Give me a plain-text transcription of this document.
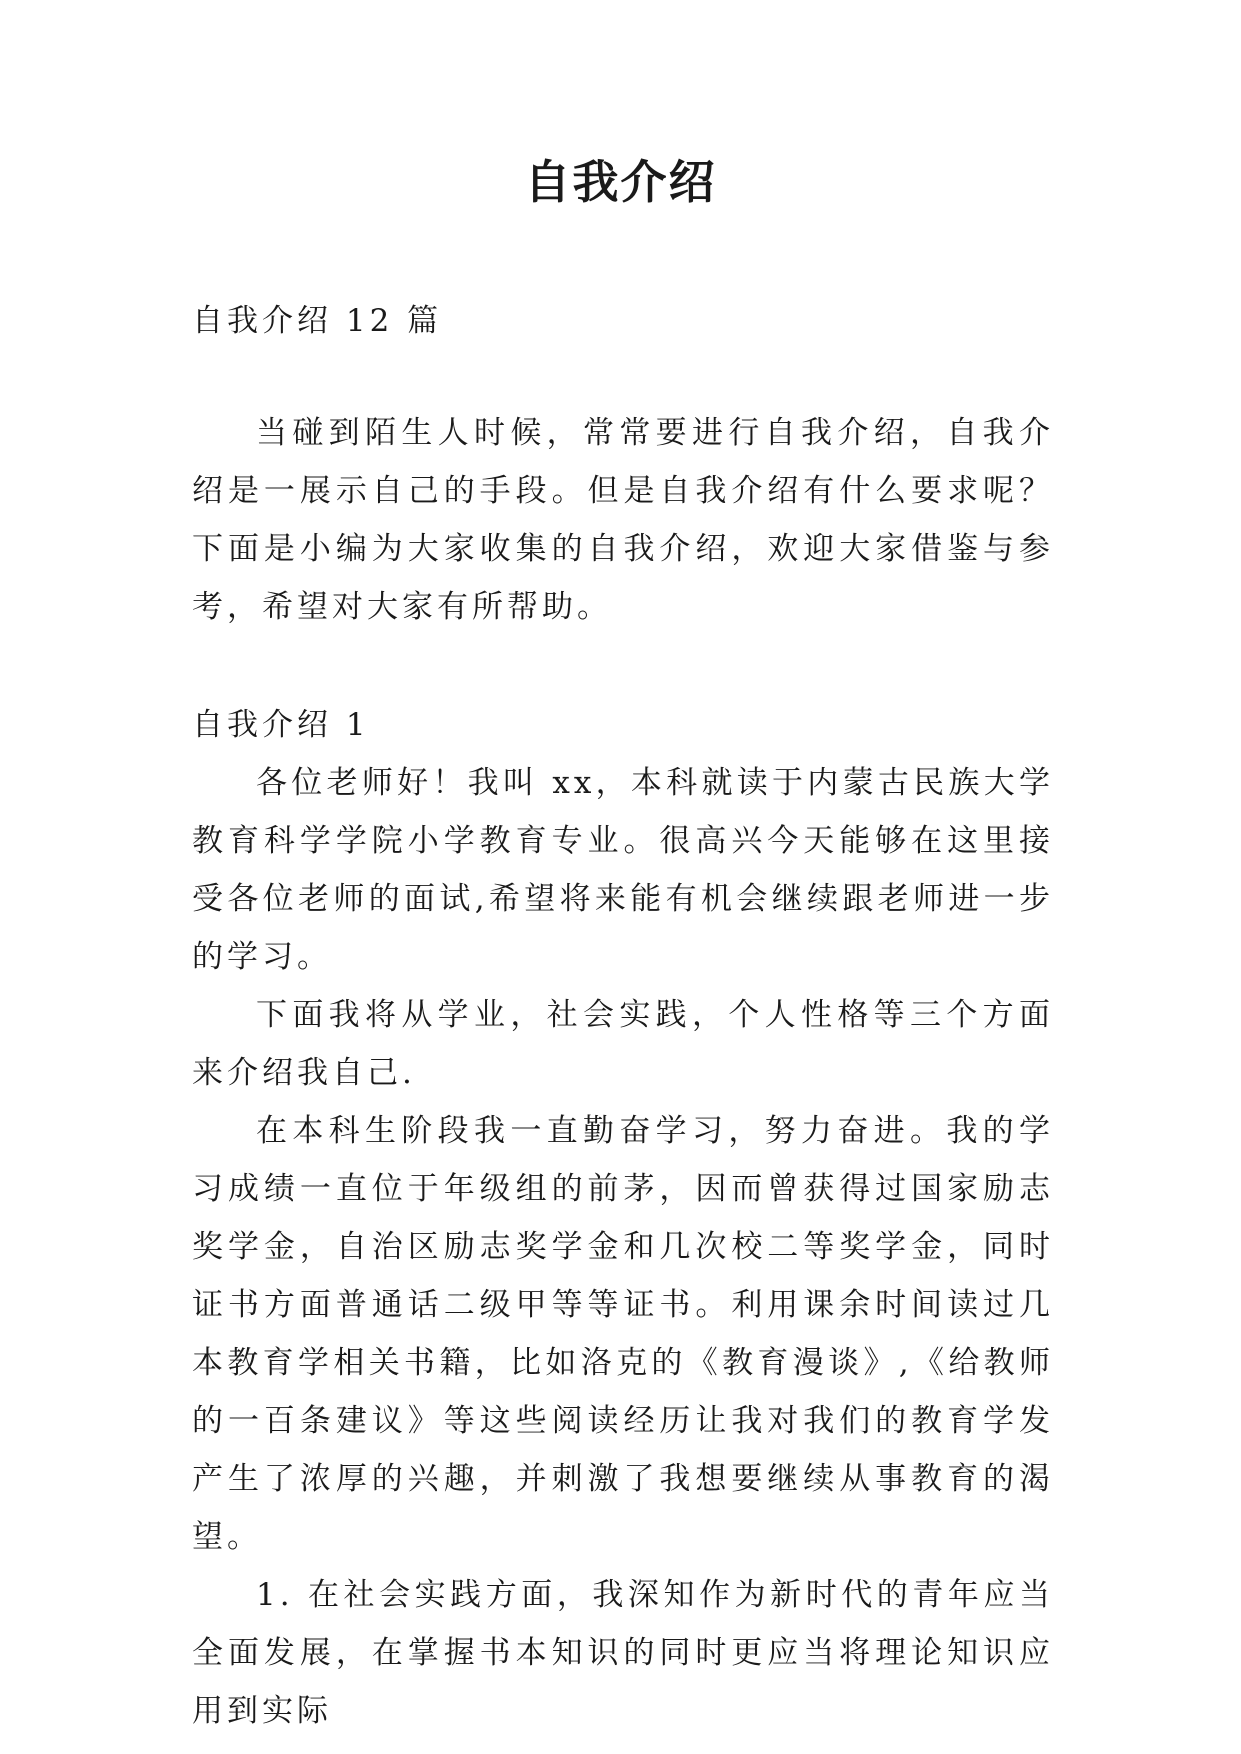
自我介绍
自我介绍 12 篇

当碰到陌生人时候，常常要进行自我介绍，自我介绍是一展示自己的手段。但是自我介绍有什么要求呢？下面是小编为大家收集的自我介绍，欢迎大家借鉴与参考，希望对大家有所帮助。

自我介绍 1

各位老师好！我叫 xx，本科就读于内蒙古民族大学教育科学学院小学教育专业。很高兴今天能够在这里接受各位老师的面试,希望将来能有机会继续跟老师进一步的学习。

下面我将从学业，社会实践，个人性格等三个方面来介绍我自己.

在本科生阶段我一直勤奋学习，努力奋进。我的学习成绩一直位于年级组的前茅，因而曾获得过国家励志奖学金，自治区励志奖学金和几次校二等奖学金，同时证书方面普通话二级甲等等证书。利用课余时间读过几本教育学相关书籍，比如洛克的《教育漫谈》,《给教师的一百条建议》等这些阅读经历让我对我们的教育学发产生了浓厚的兴趣，并刺激了我想要继续从事教育的渴望。

1. 在社会实践方面，我深知作为新时代的青年应当全面发展，在掌握书本知识的同时更应当将理论知识应用到实际
